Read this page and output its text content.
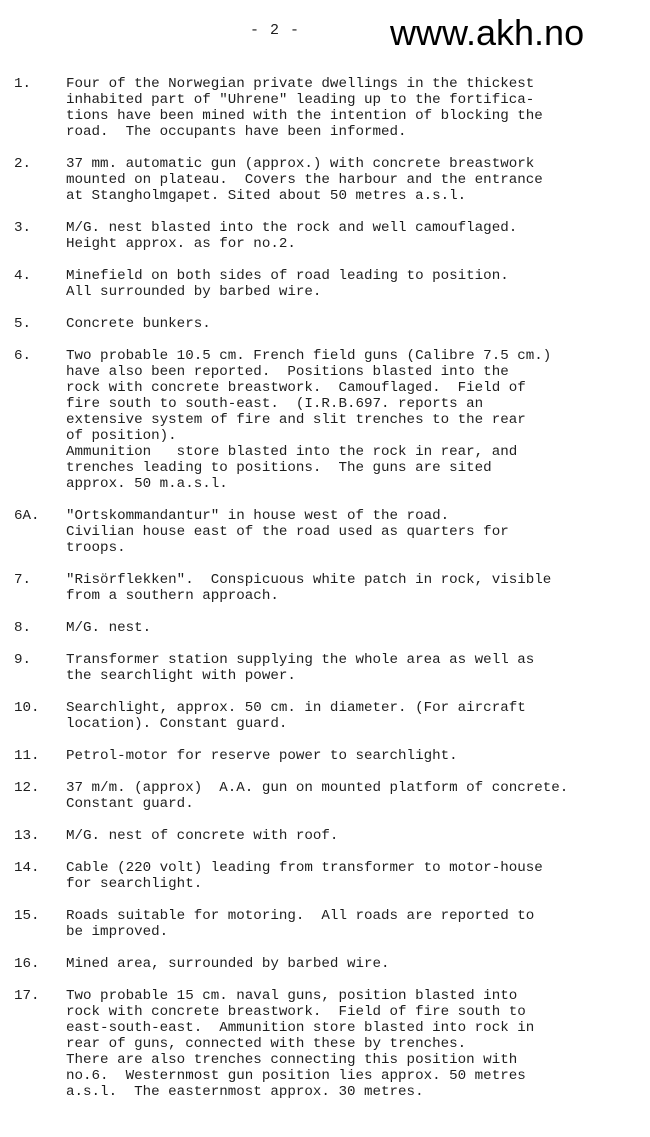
- 2 - www.akh.no
1.	Four of the Norwegian private dwellings in the thickest
inhabited part of "Uhrene" leading up to the fortifica-
tions have been mined with the intention of blocking the
road.  The occupants have been informed.
2.	37 mm. automatic gun (approx.) with concrete breastwork
mounted on plateau.  Covers the harbour and the entrance
at Stangholmgapet. Sited about 50 metres a.s.l.
3.	M/G. nest blasted into the rock and well camouflaged.
Height approx. as for no.2.
4.	Minefield on both sides of road leading to position.
All surrounded by barbed wire.
5.	Concrete bunkers.
6.	Two probable 10.5 cm. French field guns (Calibre 7.5 cm.)
have also been reported.  Positions blasted into the
rock with concrete breastwork.  Camouflaged.  Field of
fire south to south-east.  (I.R.B.697. reports an
extensive system of fire and slit trenches to the rear
of position).
Ammunition   store blasted into the rock in rear, and
trenches leading to positions.  The guns are sited
approx. 50 m.a.s.l.
6A.	"Ortskommandantur" in house west of the road.
Civilian house east of the road used as quarters for
troops.
7.	"Risörflekken".  Conspicuous white patch in rock, visible
from a southern approach.
8.	M/G. nest.
9.	Transformer station supplying the whole area as well as
the searchlight with power.
10.	Searchlight, approx. 50 cm. in diameter. (For aircraft
location). Constant guard.
11.	Petrol-motor for reserve power to searchlight.
12.	37 m/m. (approx)  A.A. gun on mounted platform of concrete.
Constant guard.
13.	M/G. nest of concrete with roof.
14.	Cable (220 volt) leading from transformer to motor-house
for searchlight.
15.	Roads suitable for motoring.  All roads are reported to
be improved.
16.	Mined area, surrounded by barbed wire.
17.	Two probable 15 cm. naval guns, position blasted into
rock with concrete breastwork.  Field of fire south to
east-south-east.  Ammunition store blasted into rock in
rear of guns, connected with these by trenches.
There are also trenches connecting this position with
no.6.  Westernmost gun position lies approx. 50 metres
a.s.l.  The easternmost approx. 30 metres.
